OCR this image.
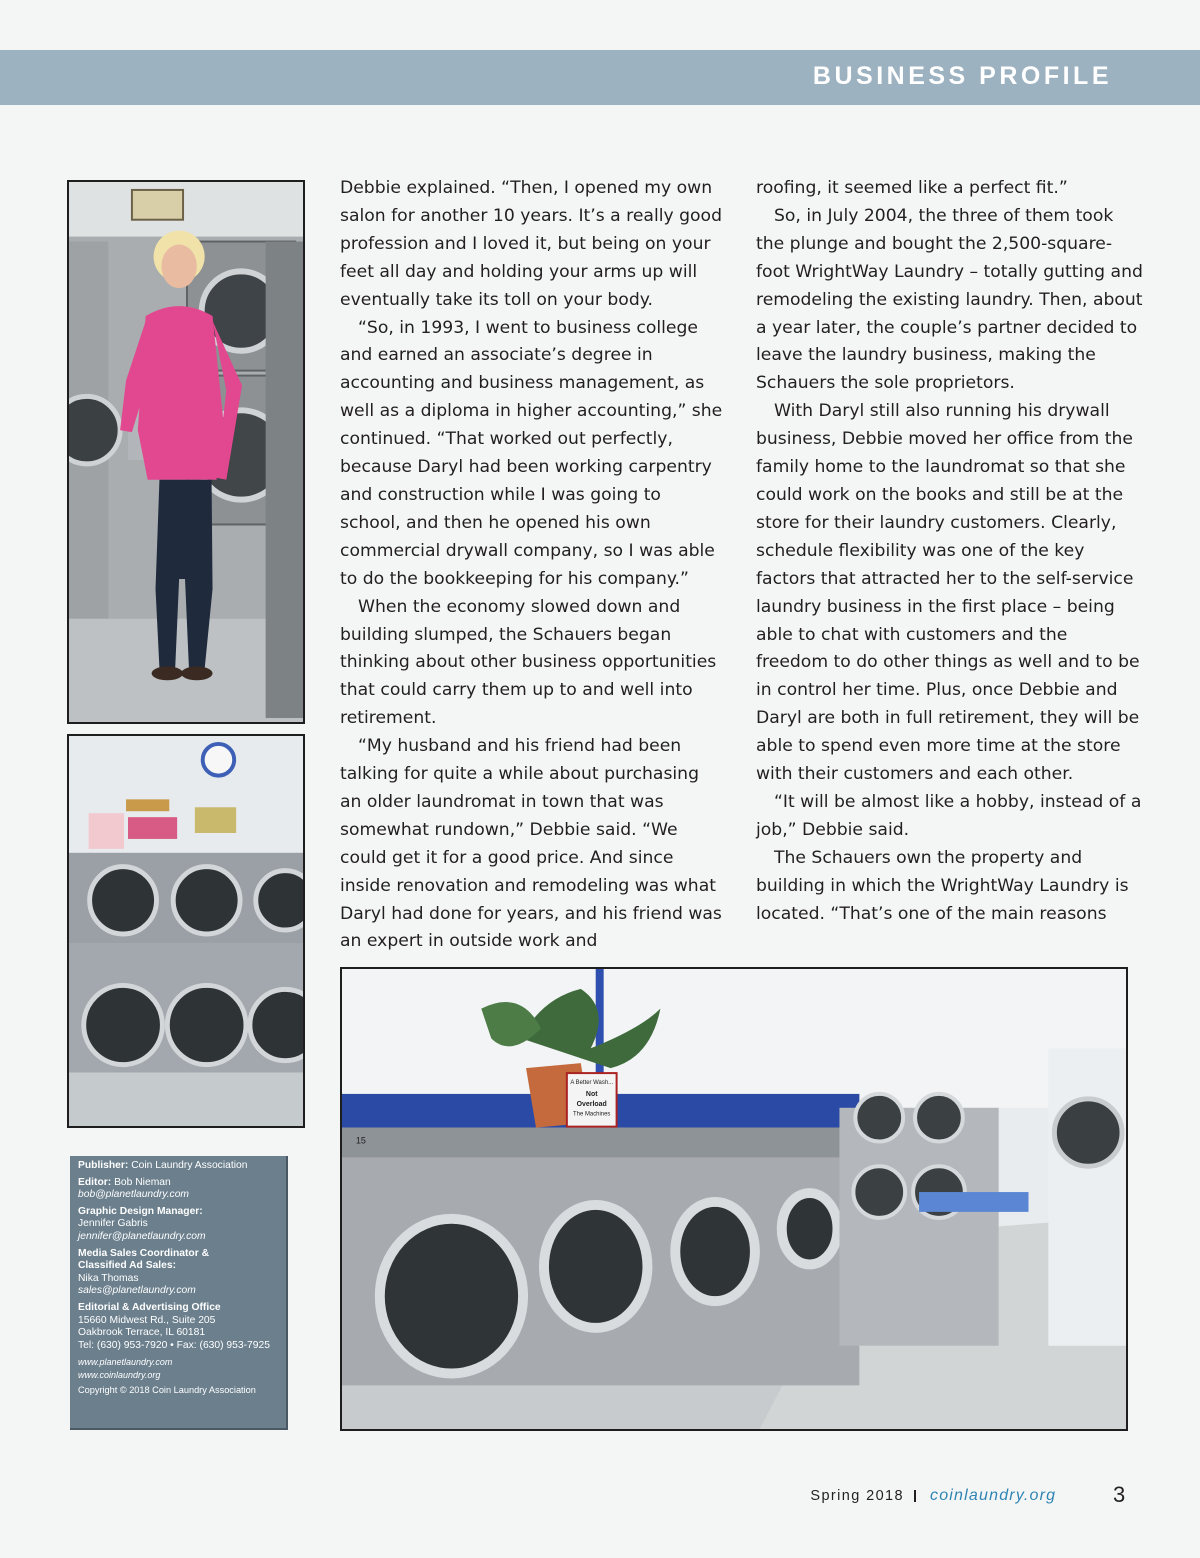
BUSINESS PROFILE
Publisher: Coin Laundry Association
Editor: Bob Nieman
bob@planetlaundry.com
Graphic Design Manager:
Jennifer Gabris
jennifer@planetlaundry.com
Media Sales Coordinator &
Classified Ad Sales:
Nika Thomas
sales@planetlaundry.com
Editorial & Advertising Office
15660 Midwest Rd., Suite 205
Oakbrook Terrace, IL 60181
Tel: (630) 953-7920 • Fax: (630) 953-7925
www.planetlaundry.com
www.coinlaundry.org
Copyright © 2018 Coin Laundry Association

Debbie explained. “Then, I opened my own salon for another 10 years. It’s a really good profession and I loved it, but being on your feet all day and holding your arms up will eventually take its toll on your body.

“So, in 1993, I went to business college and earned an associate’s degree in accounting and business management, as well as a diploma in higher accounting,” she continued. “That worked out perfectly, because Daryl had been working carpentry and construction while I was going to school, and then he opened his own commercial drywall company, so I was able to do the bookkeeping for his company.”

When the economy slowed down and building slumped, the Schauers began thinking about other business opportunities that could carry them up to and well into retirement.

“My husband and his friend had been talking for quite a while about purchasing an older laundromat in town that was somewhat rundown,” Debbie said. “We could get it for a good price. And since inside renovation and remodeling was what Daryl had done for years, and his friend was an expert in outside work and

roofing, it seemed like a perfect fit.”

So, in July 2004, the three of them took the plunge and bought the 2,500-square-foot WrightWay Laundry – totally gutting and remodeling the existing laundry. Then, about a year later, the couple’s partner decided to leave the laundry business, making the Schauers the sole proprietors.

With Daryl still also running his drywall business, Debbie moved her office from the family home to the laundromat so that she could work on the books and still be at the store for their laundry customers. Clearly, schedule flexibility was one of the key factors that attracted her to the self-service laundry business in the first place – being able to chat with customers and the freedom to do other things as well and to be in control her time. Plus, once Debbie and Daryl are both in full retirement, they will be able to spend even more time at the store with their customers and each other.

“It will be almost like a hobby, instead of a job,” Debbie said.

The Schauers own the property and building in which the WrightWay Laundry is located. “That’s one of the main reasons

A Better Wash...
Not
Overload
The Machines
15
Spring 2018 coinlaundry.org	3
